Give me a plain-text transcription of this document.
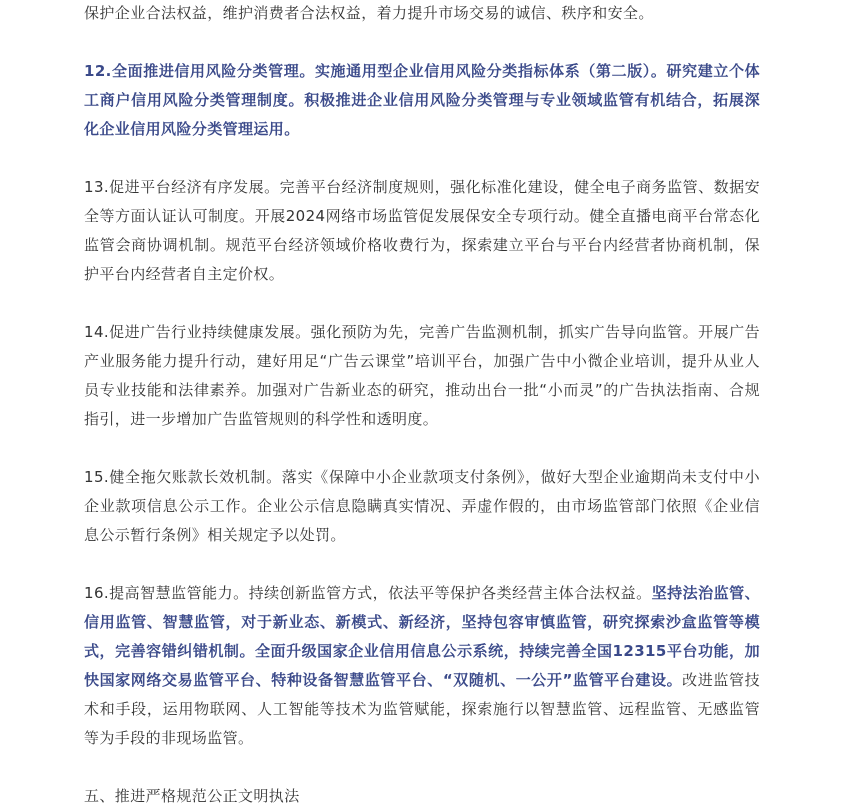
保护企业合法权益，维护消费者合法权益，着力提升市场交易的诚信、秩序和安全。

12.全面推进信用风险分类管理。实施通用型企业信用风险分类指标体系（第二版）。研究建立个体工商户信用风险分类管理制度。积极推进企业信用风险分类管理与专业领域监管有机结合，拓展深化企业信用风险分类管理运用。

13.促进平台经济有序发展。完善平台经济制度规则，强化标准化建设，健全电子商务监管、数据安全等方面认证认可制度。开展2024网络市场监管促发展保安全专项行动。健全直播电商平台常态化监管会商协调机制。规范平台经济领域价格收费行为，探索建立平台与平台内经营者协商机制，保护平台内经营者自主定价权。

14.促进广告行业持续健康发展。强化预防为先，完善广告监测机制，抓实广告导向监管。开展广告产业服务能力提升行动，建好用足“广告云课堂”培训平台，加强广告中小微企业培训，提升从业人员专业技能和法律素养。加强对广告新业态的研究，推动出台一批“小而灵”的广告执法指南、合规指引，进一步增加广告监管规则的科学性和透明度。

15.健全拖欠账款长效机制。落实《保障中小企业款项支付条例》，做好大型企业逾期尚未支付中小企业款项信息公示工作。企业公示信息隐瞒真实情况、弄虚作假的，由市场监管部门依照《企业信息公示暂行条例》相关规定予以处罚。

16.提高智慧监管能力。持续创新监管方式，依法平等保护各类经营主体合法权益。坚持法治监管、信用监管、智慧监管，对于新业态、新模式、新经济，坚持包容审慎监管，研究探索沙盒监管等模式，完善容错纠错机制。全面升级国家企业信用信息公示系统，持续完善全国12315平台功能，加快国家网络交易监管平台、特种设备智慧监管平台、“双随机、一公开”监管平台建设。改进监管技术和手段，运用物联网、人工智能等技术为监管赋能，探索施行以智慧监管、远程监管、无感监管等为手段的非现场监管。

五、推进严格规范公正文明执法
